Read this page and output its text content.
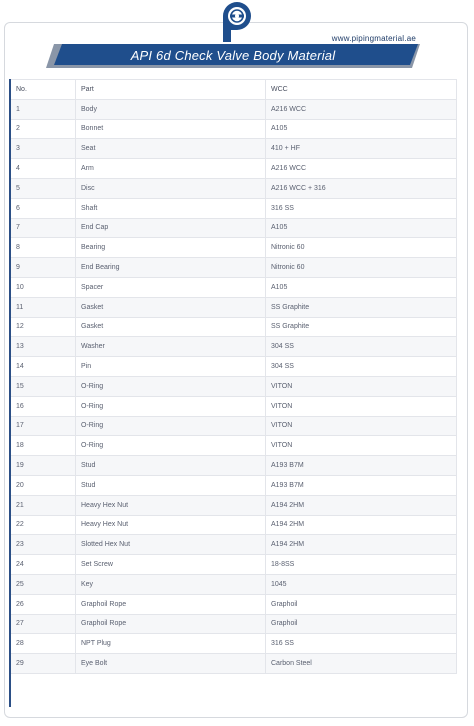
www.pipingmaterial.ae
API 6d Check Valve Body Material
No.	Part	WCC
1	Body	A216 WCC
2	Bonnet	A105
3	Seat	410 + HF
4	Arm	A216 WCC
5	Disc	A216 WCC + 316
6	Shaft	316 SS
7	End Cap	A105
8	Bearing	Nitronic 60
9	End Bearing	Nitronic 60
10	Spacer	A105
11	Gasket	SS Graphite
12	Gasket	SS Graphite
13	Washer	304 SS
14	Pin	304 SS
15	O-Ring	VITON
16	O-Ring	VITON
17	O-Ring	VITON
18	O-Ring	VITON
19	Stud	A193 B7M
20	Stud	A193 B7M
21	Heavy Hex Nut	A194 2HM
22	Heavy Hex Nut	A194 2HM
23	Slotted Hex Nut	A194 2HM
24	Set Screw	18-8SS
25	Key	1045
26	Graphoil Rope	Graphoil
27	Graphoil Rope	Graphoil
28	NPT Plug	316 SS
29	Eye Bolt	Carbon Steel
